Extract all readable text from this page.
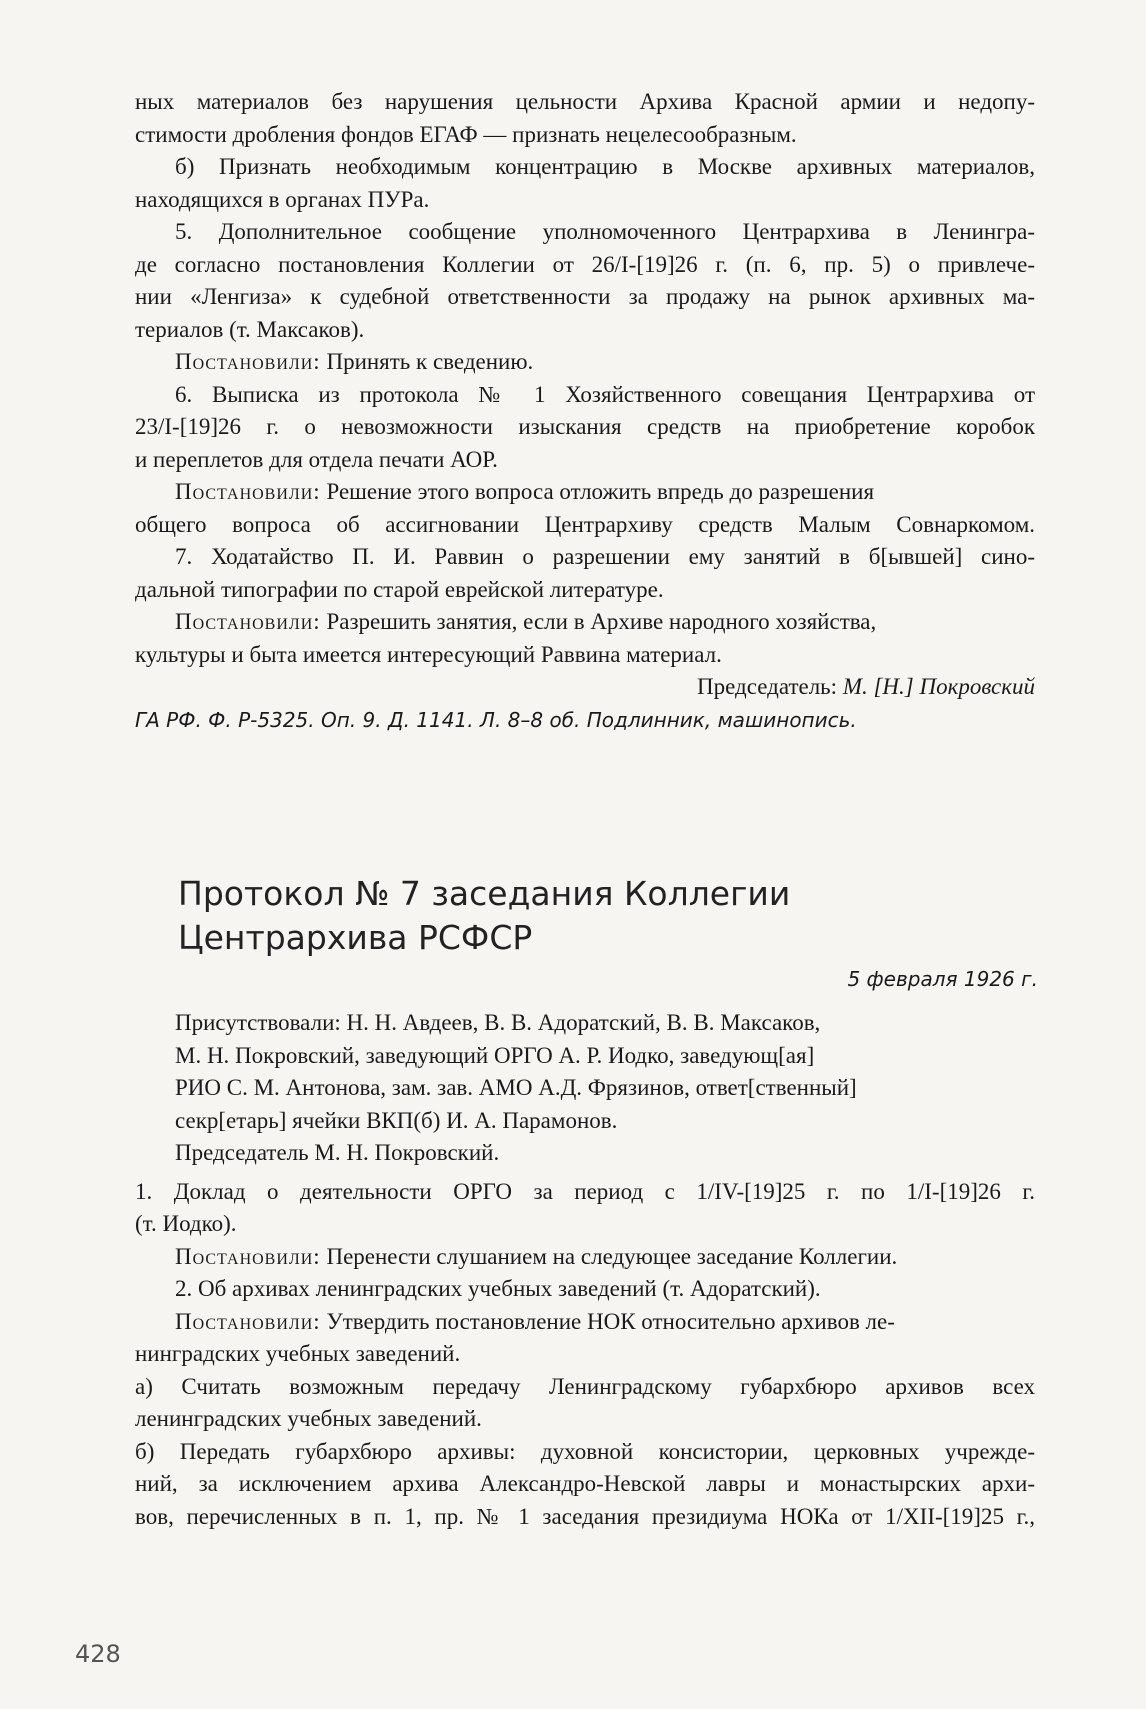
ных материалов без нарушения цельности Архива Красной армии и недопу-
стимости дробления фондов ЕГАФ — признать нецелесообразным.
б) Признать необходимым концентрацию в Москве архивных материалов,
находящихся в органах ПУРа.
5. Дополнительное сообщение уполномоченного Центрархива в Ленингра-
де согласно постановления Коллегии от 26/I-[19]26 г. (п. 6, пр. 5) о привлече-
нии «Ленгиза» к судебной ответственности за продажу на рынок архивных ма-
териалов (т. Максаков).
Постановили: Принять к сведению.
6. Выписка из протокола № 1 Хозяйственного совещания Центрархива от
23/I-[19]26 г. о невозможности изыскания средств на приобретение коробок
и переплетов для отдела печати АОР.
Постановили: Решение этого вопроса отложить впредь до разрешения
общего вопроса об ассигновании Центрархиву средств Малым Совнаркомом.
7. Ходатайство П. И. Раввин о разрешении ему занятий в б[ывшей] сино-
дальной типографии по старой еврейской литературе.
Постановили: Разрешить занятия, если в Архиве народного хозяйства,
культуры и быта имеется интересующий Раввина материал.
Председатель: М. [Н.] Покровский
ГА РФ. Ф. Р-5325. Оп. 9. Д. 1141. Л. 8–8 об. Подлинник, машинопись.
Протокол № 7 заседания Коллегии
Центрархива РСФСР
5 февраля 1926 г.
Присутствовали: Н. Н. Авдеев, В. В. Адоратский, В. В. Максаков,
М. Н. Покровский, заведующий ОРГО А. Р. Иодко, заведующ[ая]
РИО С. М. Антонова, зам. зав. АМО А.Д. Фрязинов, ответ[ственный]
секр[етарь] ячейки ВКП(б) И. А. Парамонов.
Председатель М. Н. Покровский.
1. Доклад о деятельности ОРГО за период с 1/IV-[19]25 г. по 1/I-[19]26 г.
(т. Иодко).
Постановили: Перенести слушанием на следующее заседание Коллегии.
2. Об архивах ленинградских учебных заведений (т. Адоратский).
Постановили: Утвердить постановление НОК относительно архивов ле-
нинградских учебных заведений.
а) Считать возможным передачу Ленинградскому губархбюро архивов всех
ленинградских учебных заведений.
б) Передать губархбюро архивы: духовной консистории, церковных учрежде-
ний, за исключением архива Александро-Невской лавры и монастырских архи-
вов, перечисленных в п. 1, пр. № 1 заседания президиума НОКа от 1/XII-[19]25 г.,
428
